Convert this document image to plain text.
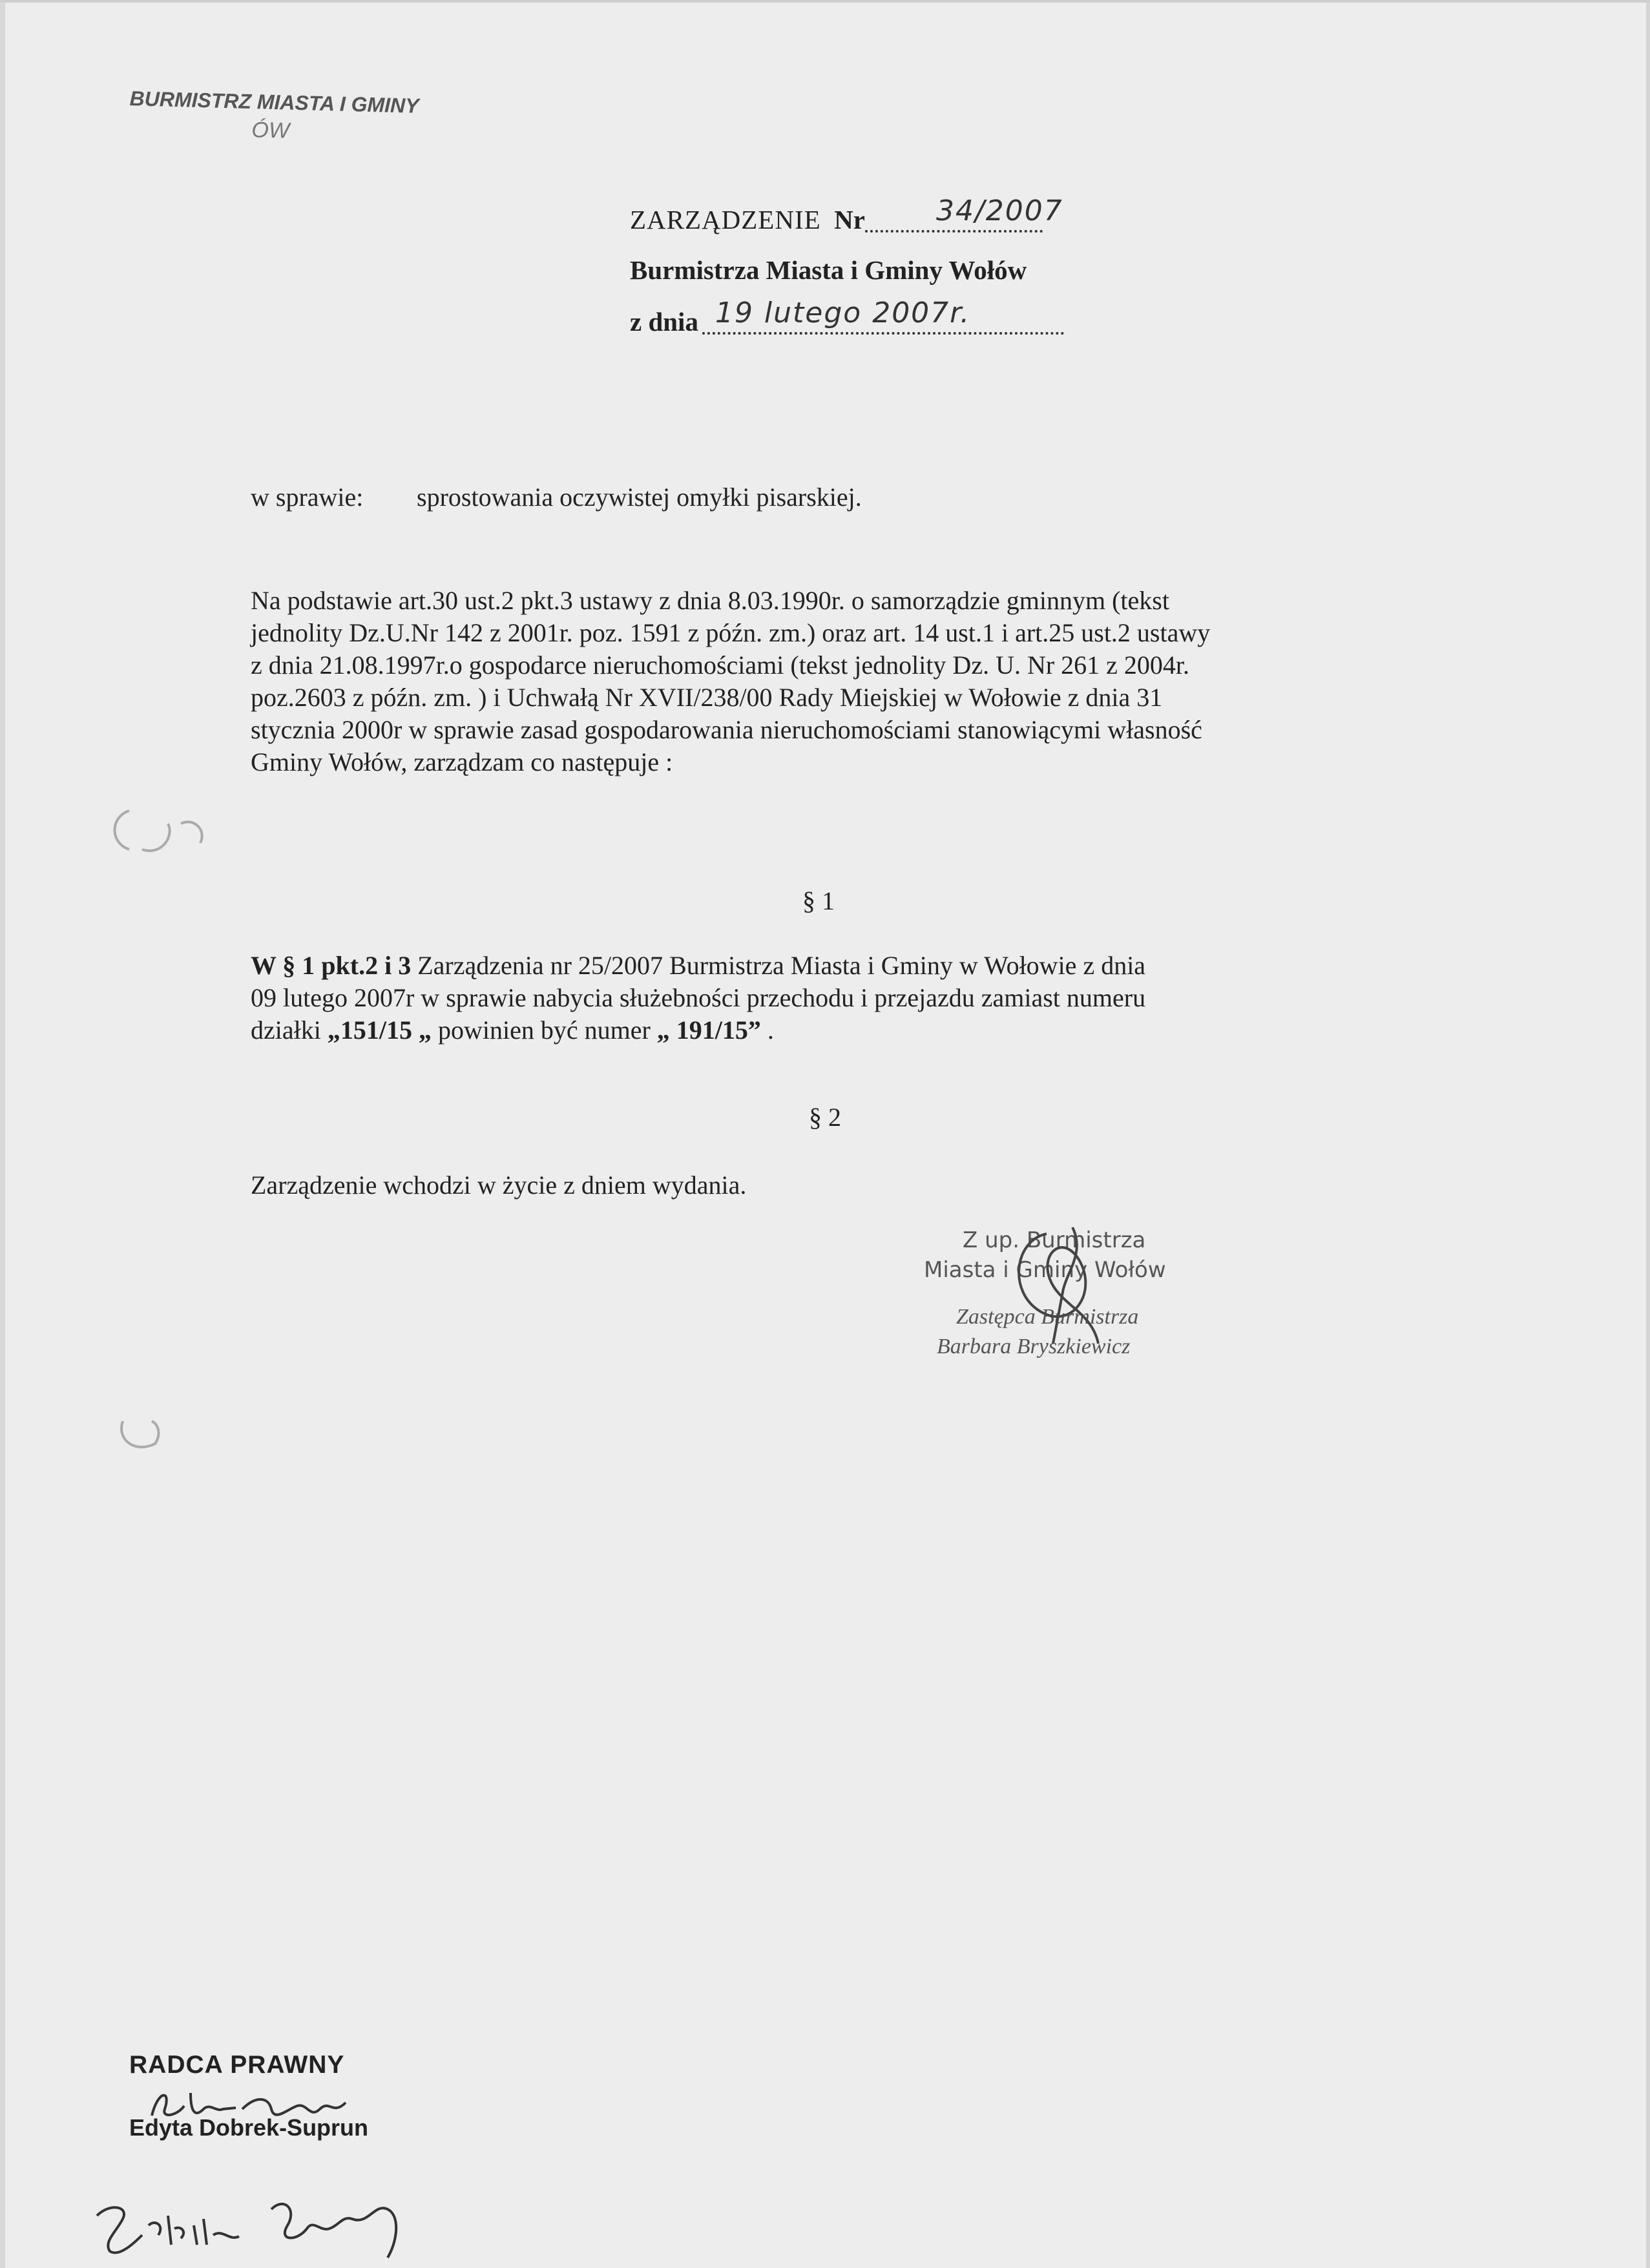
BURMISTRZ MIASTA I GMINY
ÓW
ZARZĄDZENIE Nr	34/2007
Burmistrza Miasta i Gminy Wołów
z dnia 19 lutego 2007r.
w sprawie: sprostowania oczywistej omyłki pisarskiej.

Na podstawie art.30 ust.2 pkt.3 ustawy z dnia 8.03.1990r. o samorządzie gminnym (tekst

jednolity Dz.U.Nr 142 z 2001r. poz. 1591 z późn. zm.) oraz art. 14 ust.1 i art.25 ust.2 ustawy

z dnia 21.08.1997r.o gospodarce nieruchomościami (tekst jednolity Dz. U. Nr 261 z 2004r.

poz.2603 z późn. zm. ) i Uchwałą Nr XVII/238/00 Rady Miejskiej w Wołowie z dnia 31

stycznia 2000r w sprawie zasad gospodarowania nieruchomościami stanowiącymi własność

Gminy Wołów, zarządzam co następuje :

§ 1

W § 1 pkt.2 i 3 Zarządzenia nr 25/2007 Burmistrza Miasta i Gminy w Wołowie z dnia

09 lutego 2007r w sprawie nabycia służebności przechodu i przejazdu zamiast numeru

działki „151/15 „ powinien być numer „ 191/15” .

§ 2
Zarządzenie wchodzi w życie z dniem wydania.
Z up. Burmistrza
Miasta i Gminy Wołów
Zastępca Burmistrza
Barbara Bryszkiewicz
RADCA PRAWNY
Edyta Dobrek-Suprun
